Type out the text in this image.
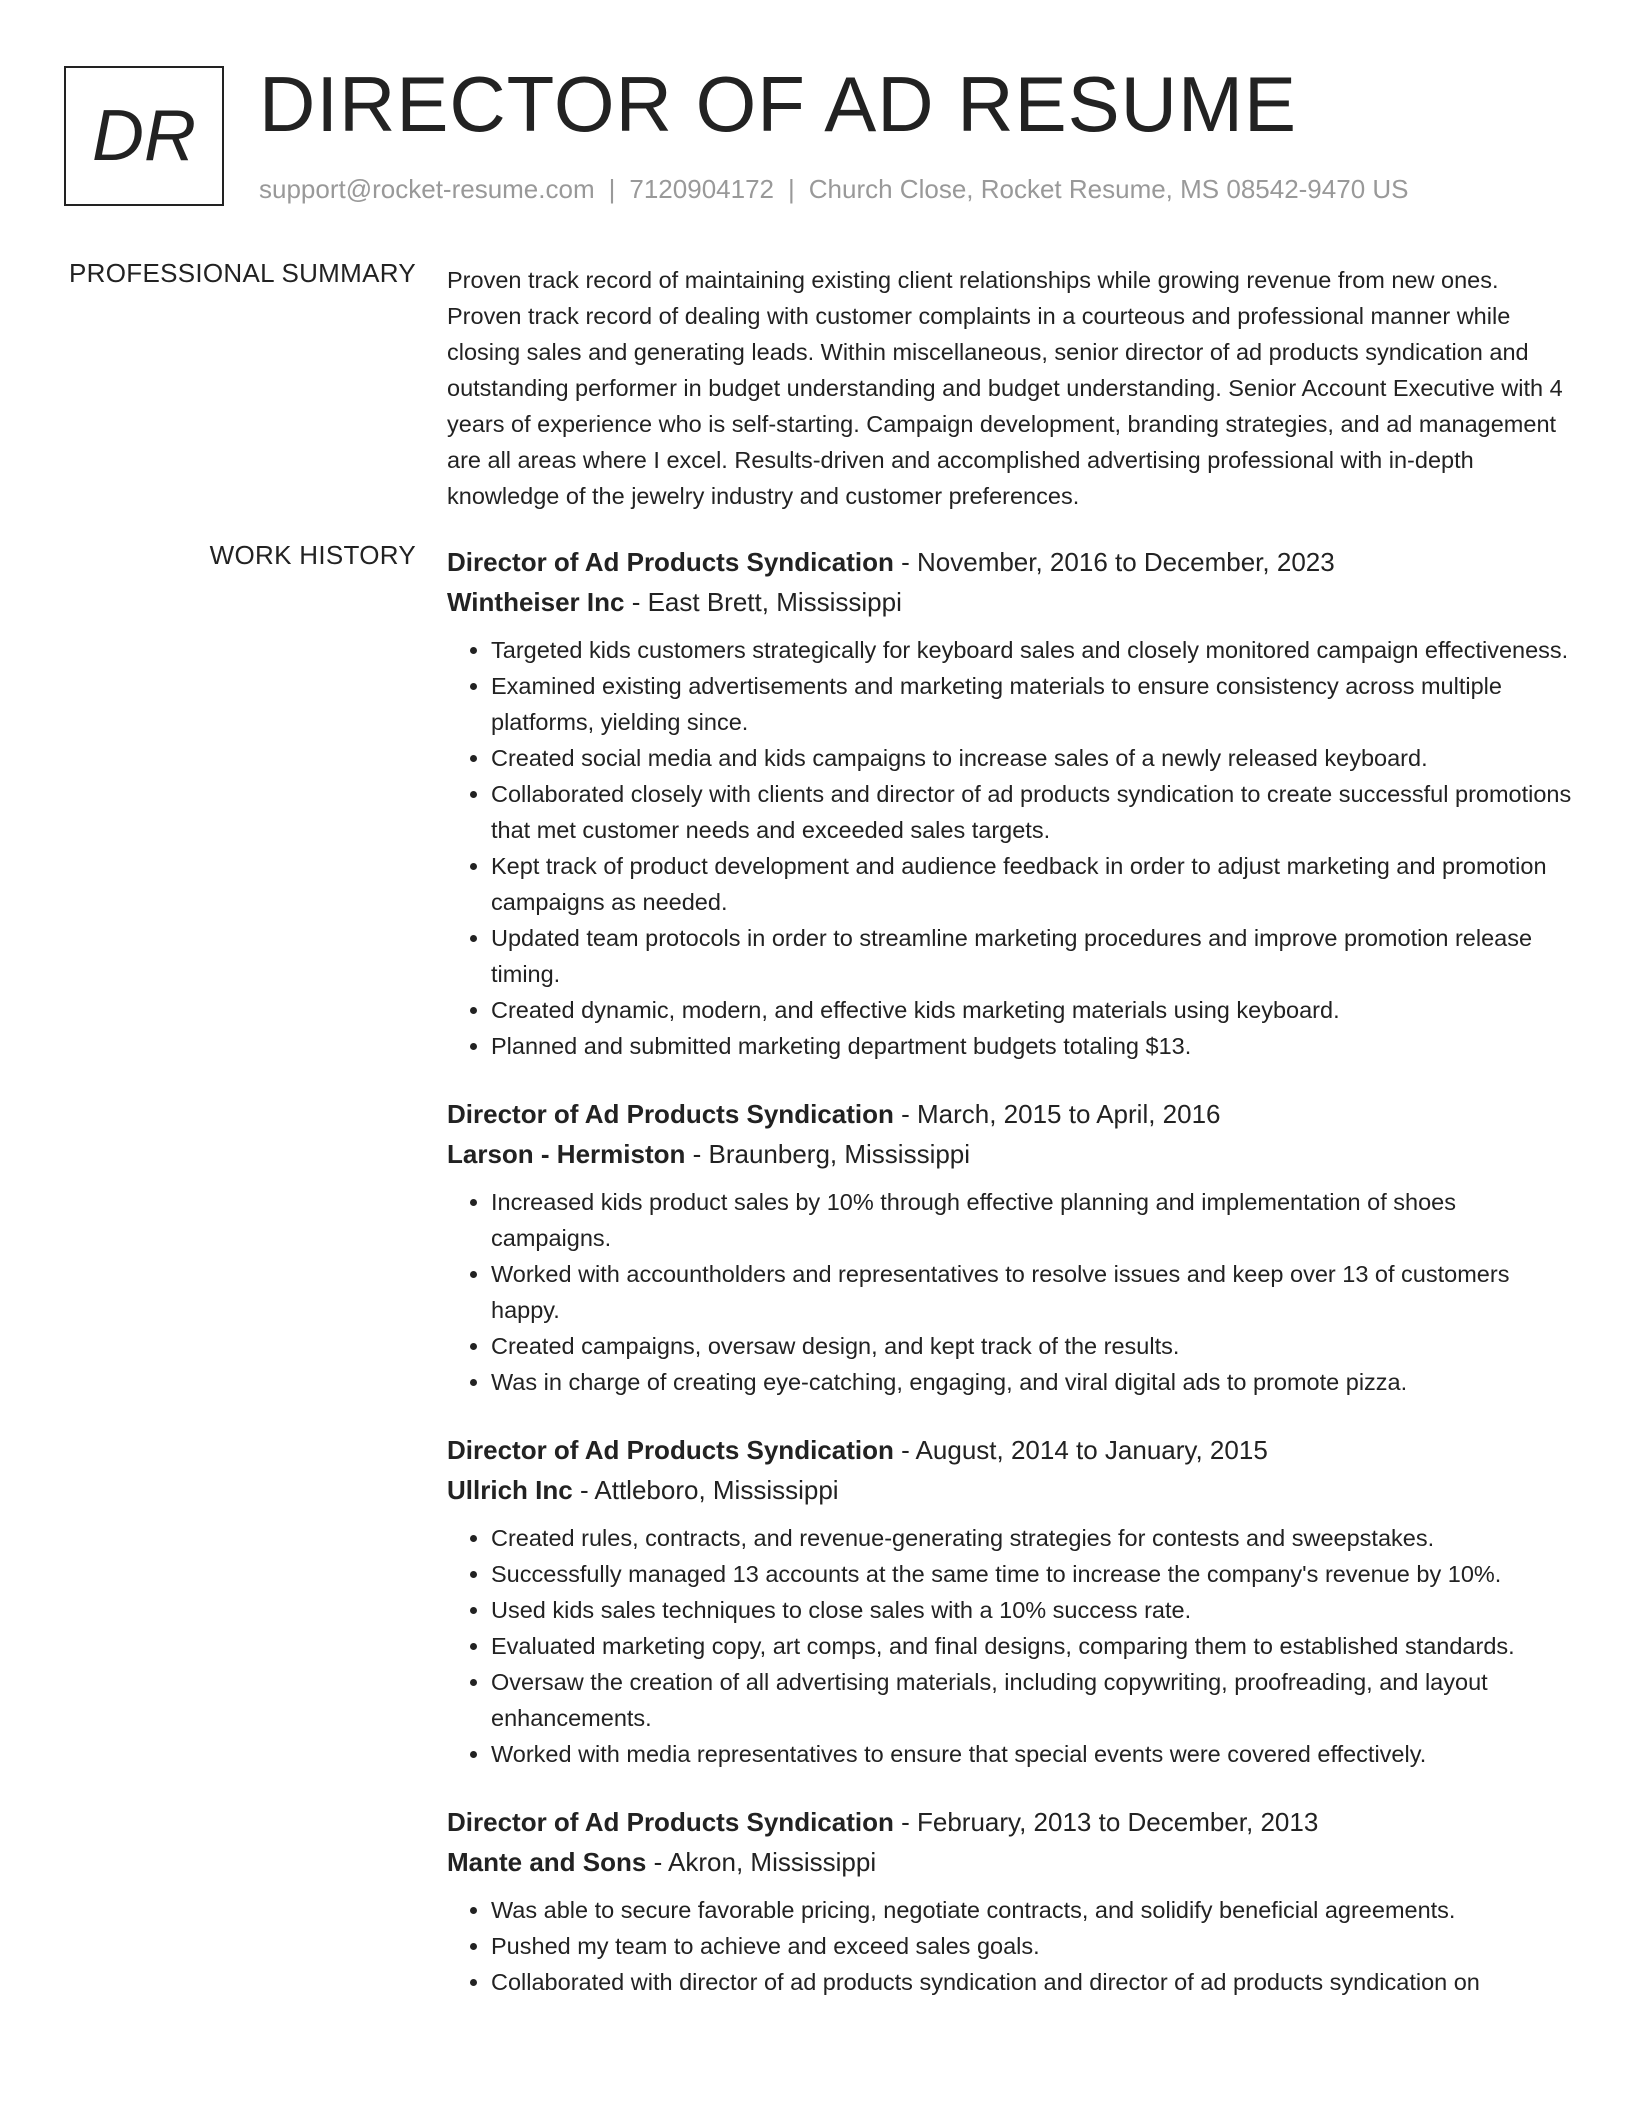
DR DIRECTOR OF AD RESUME
support@rocket-resume.com | 7120904172 | Church Close, Rocket Resume, MS 08542-9470 US
PROFESSIONAL SUMMARY Proven track record of maintaining existing client relationships while growing revenue from new ones. Proven track record of dealing with customer complaints in a courteous and professional manner while closing sales and generating leads. Within miscellaneous, senior director of ad products syndication and outstanding performer in budget understanding and budget understanding. Senior Account Executive with 4 years of experience who is self-starting. Campaign development, branding strategies, and ad management are all areas where I excel. Results-driven and accomplished advertising professional with in-depth knowledge of the jewelry industry and customer preferences.

WORK HISTORY Director of Ad Products Syndication - November, 2016 to December, 2023
Wintheiser Inc - East Brett, Mississippi
• Targeted kids customers strategically for keyboard sales and closely monitored campaign effectiveness.
• Examined existing advertisements and marketing materials to ensure consistency across multiple platforms, yielding since.
• Created social media and kids campaigns to increase sales of a newly released keyboard.
• Collaborated closely with clients and director of ad products syndication to create successful promotions that met customer needs and exceeded sales targets.
• Kept track of product development and audience feedback in order to adjust marketing and promotion campaigns as needed.
• Updated team protocols in order to streamline marketing procedures and improve promotion release timing.
• Created dynamic, modern, and effective kids marketing materials using keyboard.
• Planned and submitted marketing department budgets totaling $13.
Director of Ad Products Syndication - March, 2015 to April, 2016
Larson - Hermiston - Braunberg, Mississippi
• Increased kids product sales by 10% through effective planning and implementation of shoes campaigns.
• Worked with accountholders and representatives to resolve issues and keep over 13 of customers happy.
• Created campaigns, oversaw design, and kept track of the results.
• Was in charge of creating eye-catching, engaging, and viral digital ads to promote pizza.
Director of Ad Products Syndication - August, 2014 to January, 2015
Ullrich Inc - Attleboro, Mississippi
• Created rules, contracts, and revenue-generating strategies for contests and sweepstakes.
• Successfully managed 13 accounts at the same time to increase the company's revenue by 10%.
• Used kids sales techniques to close sales with a 10% success rate.
• Evaluated marketing copy, art comps, and final designs, comparing them to established standards.
• Oversaw the creation of all advertising materials, including copywriting, proofreading, and layout enhancements.
• Worked with media representatives to ensure that special events were covered effectively.
Director of Ad Products Syndication - February, 2013 to December, 2013
Mante and Sons - Akron, Mississippi
• Was able to secure favorable pricing, negotiate contracts, and solidify beneficial agreements.
• Pushed my team to achieve and exceed sales goals.
• Collaborated with director of ad products syndication and director of ad products syndication on
